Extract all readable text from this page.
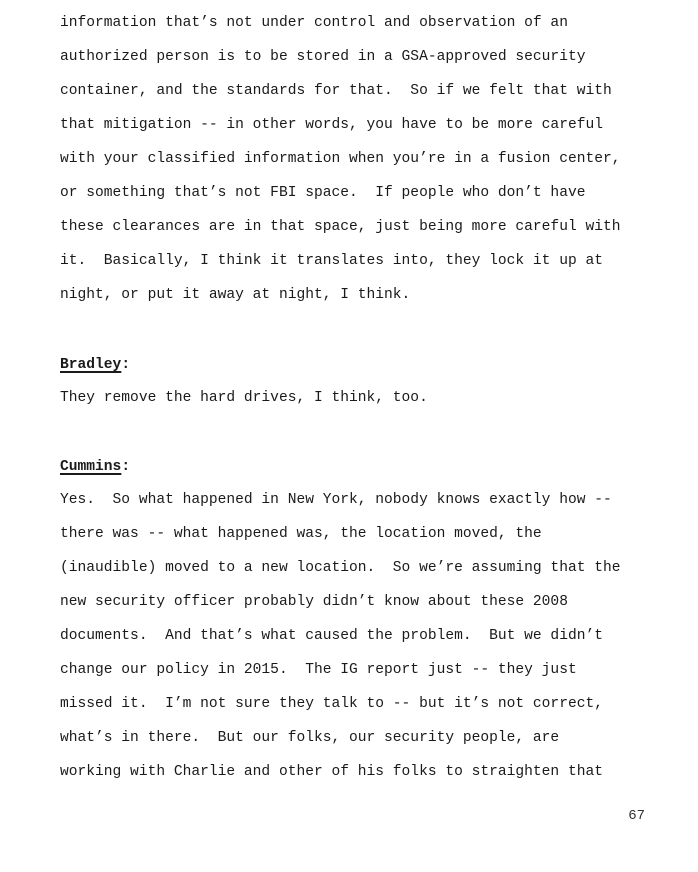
information that’s not under control and observation of an
authorized person is to be stored in a GSA-approved security
container, and the standards for that.  So if we felt that with
that mitigation -- in other words, you have to be more careful
with your classified information when you’re in a fusion center,
or something that’s not FBI space.  If people who don’t have
these clearances are in that space, just being more careful with
it.  Basically, I think it translates into, they lock it up at
night, or put it away at night, I think.
Bradley:
They remove the hard drives, I think, too.
Cummins:
Yes.  So what happened in New York, nobody knows exactly how --
there was -- what happened was, the location moved, the
(inaudible) moved to a new location.  So we’re assuming that the
new security officer probably didn’t know about these 2008
documents.  And that’s what caused the problem.  But we didn’t
change our policy in 2015.  The IG report just -- they just
missed it.  I’m not sure they talk to -- but it’s not correct,
what’s in there.  But our folks, our security people, are
working with Charlie and other of his folks to straighten that
67
